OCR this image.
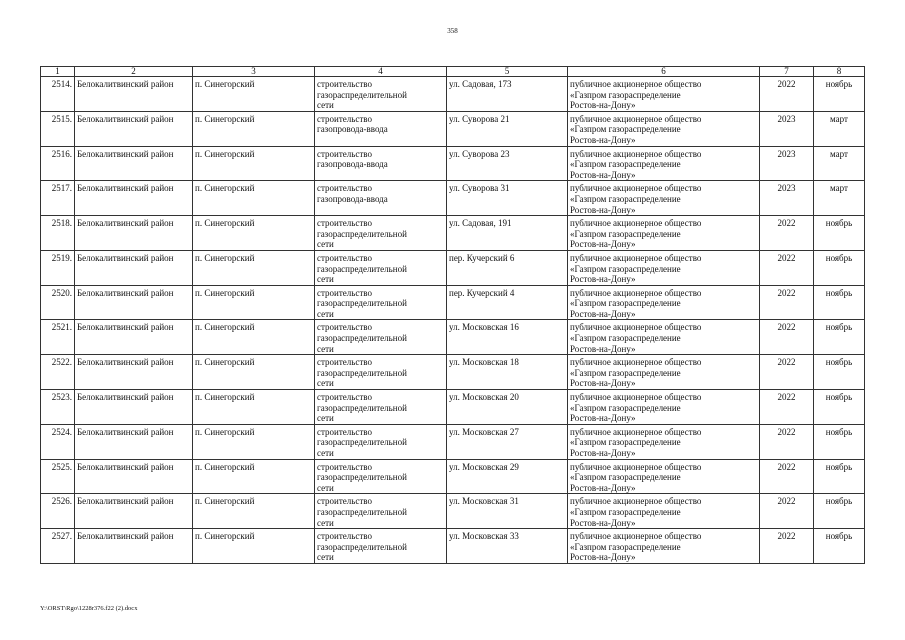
358
1	2	3	4	5	6	7	8
2514.	Белокалитвинский район	п. Синегорский	строительство
газораспределительной
сети	ул. Садовая, 173	публичное акционерное общество
«Газпром газораспределение
Ростов-на-Дону»	2022	ноябрь
2515.	Белокалитвинский район	п. Синегорский	строительство
газопровода-ввода	ул. Суворова 21	публичное акционерное общество
«Газпром газораспределение
Ростов-на-Дону»	2023	март
2516.	Белокалитвинский район	п. Синегорский	строительство
газопровода-ввода	ул. Суворова 23	публичное акционерное общество
«Газпром газораспределение
Ростов-на-Дону»	2023	март
2517.	Белокалитвинский район	п. Синегорский	строительство
газопровода-ввода	ул. Суворова 31	публичное акционерное общество
«Газпром газораспределение
Ростов-на-Дону»	2023	март
2518.	Белокалитвинский район	п. Синегорский	строительство
газораспределительной
сети	ул. Садовая, 191	публичное акционерное общество
«Газпром газораспределение
Ростов-на-Дону»	2022	ноябрь
2519.	Белокалитвинский район	п. Синегорский	строительство
газораспределительной
сети	пер. Кучерский 6	публичное акционерное общество
«Газпром газораспределение
Ростов-на-Дону»	2022	ноябрь
2520.	Белокалитвинский район	п. Синегорский	строительство
газораспределительной
сети	пер. Кучерский 4	публичное акционерное общество
«Газпром газораспределение
Ростов-на-Дону»	2022	ноябрь
2521.	Белокалитвинский район	п. Синегорский	строительство
газораспределительной
сети	ул. Московская 16	публичное акционерное общество
«Газпром газораспределение
Ростов-на-Дону»	2022	ноябрь
2522.	Белокалитвинский район	п. Синегорский	строительство
газораспределительной
сети	ул. Московская 18	публичное акционерное общество
«Газпром газораспределение
Ростов-на-Дону»	2022	ноябрь
2523.	Белокалитвинский район	п. Синегорский	строительство
газораспределительной
сети	ул. Московская 20	публичное акционерное общество
«Газпром газораспределение
Ростов-на-Дону»	2022	ноябрь
2524.	Белокалитвинский район	п. Синегорский	строительство
газораспределительной
сети	ул. Московская 27	публичное акционерное общество
«Газпром газораспределение
Ростов-на-Дону»	2022	ноябрь
2525.	Белокалитвинский район	п. Синегорский	строительство
газораспределительной
сети	ул. Московская 29	публичное акционерное общество
«Газпром газораспределение
Ростов-на-Дону»	2022	ноябрь
2526.	Белокалитвинский район	п. Синегорский	строительство
газораспределительной
сети	ул. Московская 31	публичное акционерное общество
«Газпром газораспределение
Ростов-на-Дону»	2022	ноябрь
2527.	Белокалитвинский район	п. Синегорский	строительство
газораспределительной
сети	ул. Московская 33	публичное акционерное общество
«Газпром газораспределение
Ростов-на-Дону»	2022	ноябрь
Y:\ORST\Rgo\1228r376.f22 (2).docx
